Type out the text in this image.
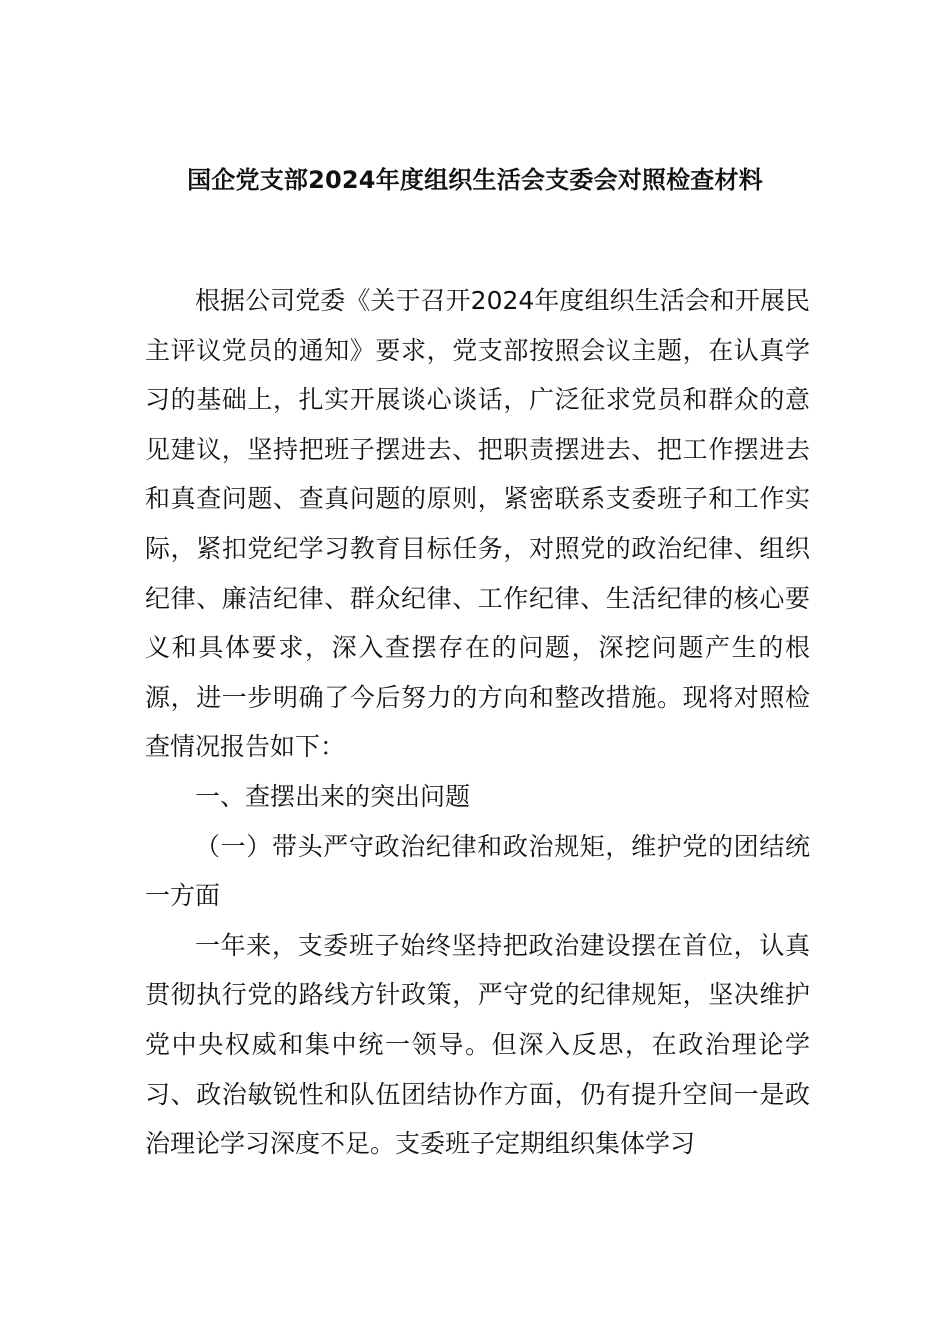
国企党支部2024年度组织生活会支委会对照检查材料

根据公司党委《关于召开2024年度组织生活会和开展民主评议党员的通知》要求，党支部按照会议主题，在认真学习的基础上，扎实开展谈心谈话，广泛征求党员和群众的意见建议，坚持把班子摆进去、把职责摆进去、把工作摆进去和真查问题、查真问题的原则，紧密联系支委班子和工作实际，紧扣党纪学习教育目标任务，对照党的政治纪律、组织纪律、廉洁纪律、群众纪律、工作纪律、生活纪律的核心要义和具体要求，深入查摆存在的问题，深挖问题产生的根源，进一步明确了今后努力的方向和整改措施。现将对照检查情况报告如下：

一、查摆出来的突出问题

（一）带头严守政治纪律和政治规矩，维护党的团结统一方面

一年来，支委班子始终坚持把政治建设摆在首位，认真贯彻执行党的路线方针政策，严守党的纪律规矩，坚决维护党中央权威和集中统一领导。但深入反思，在政治理论学习、政治敏锐性和队伍团结协作方面，仍有提升空间一是政治理论学习深度不足。支委班子定期组织集体学习
